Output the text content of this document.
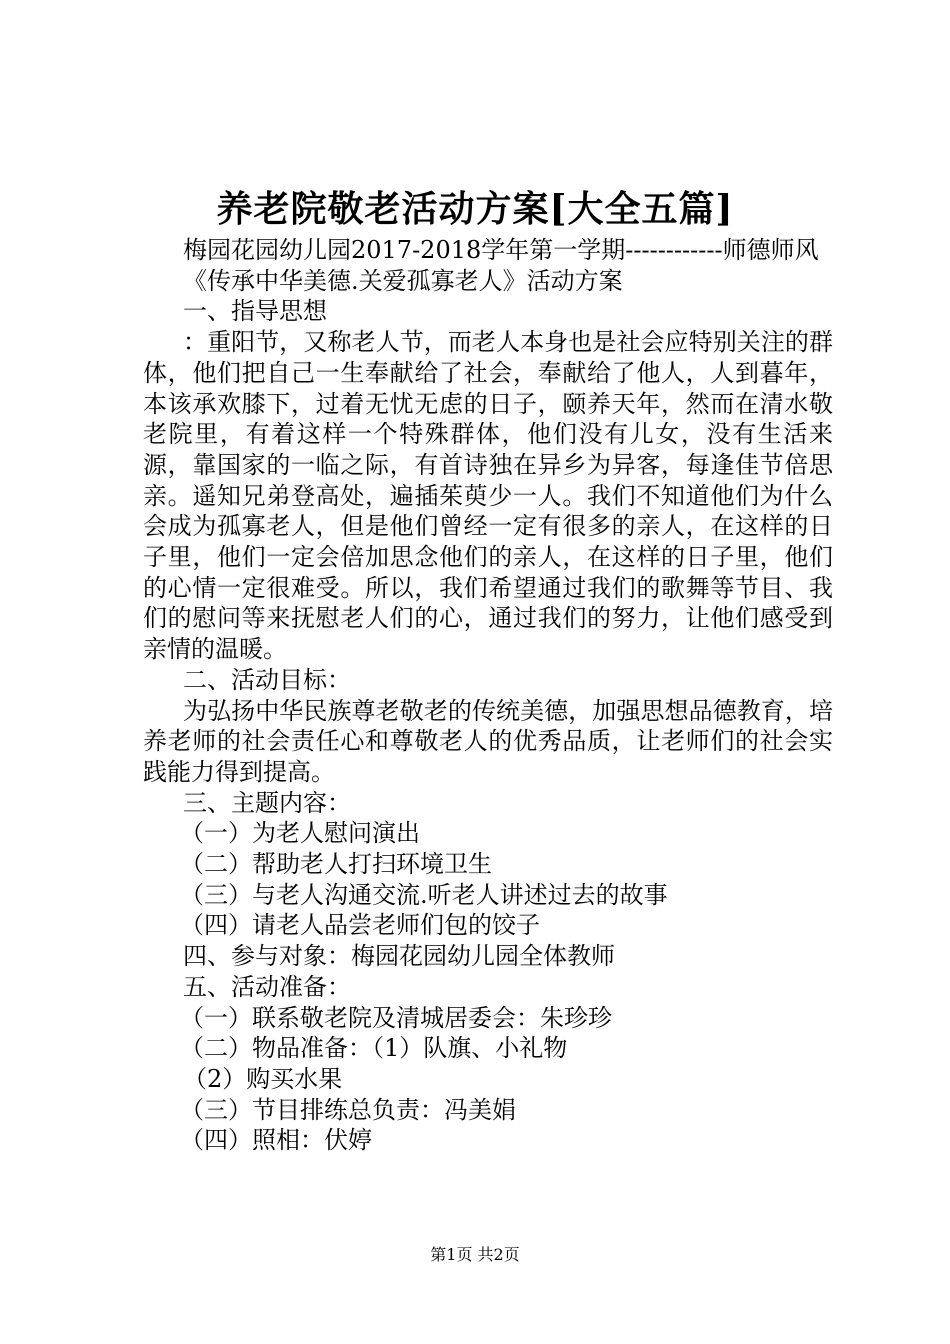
养老院敬老活动方案[大全五篇]

梅园花园幼儿园2017-2018学年第一学期------------师德师风

《传承中华美德.关爱孤寡老人》活动方案

一、指导思想

：重阳节，又称老人节，而老人本身也是社会应特别关注的群体，他们把自己一生奉献给了社会，奉献给了他人，人到暮年，本该承欢膝下，过着无忧无虑的日子，颐养天年，然而在清水敬老院里，有着这样一个特殊群体，他们没有儿女，没有生活来源，靠国家的一临之际，有首诗独在异乡为异客，每逢佳节倍思亲。遥知兄弟登高处，遍插茱萸少一人。我们不知道他们为什么会成为孤寡老人，但是他们曾经一定有很多的亲人，在这样的日子里，他们一定会倍加思念他们的亲人，在这样的日子里，他们的心情一定很难受。所以，我们希望通过我们的歌舞等节目、我们的慰问等来抚慰老人们的心，通过我们的努力，让他们感受到亲情的温暖。

二、活动目标：

为弘扬中华民族尊老敬老的传统美德，加强思想品德教育，培养老师的社会责任心和尊敬老人的优秀品质，让老师们的社会实践能力得到提高。

三、主题内容：

（一）为老人慰问演出

（二）帮助老人打扫环境卫生

（三）与老人沟通交流.听老人讲述过去的故事

（四）请老人品尝老师们包的饺子

四、参与对象：梅园花园幼儿园全体教师

五、活动准备：

（一）联系敬老院及清城居委会：朱珍珍

（二）物品准备：（1）队旗、小礼物

（2）购买水果

（三）节目排练总负责：冯美娟

（四）照相：伏婷

第1页 共2页
